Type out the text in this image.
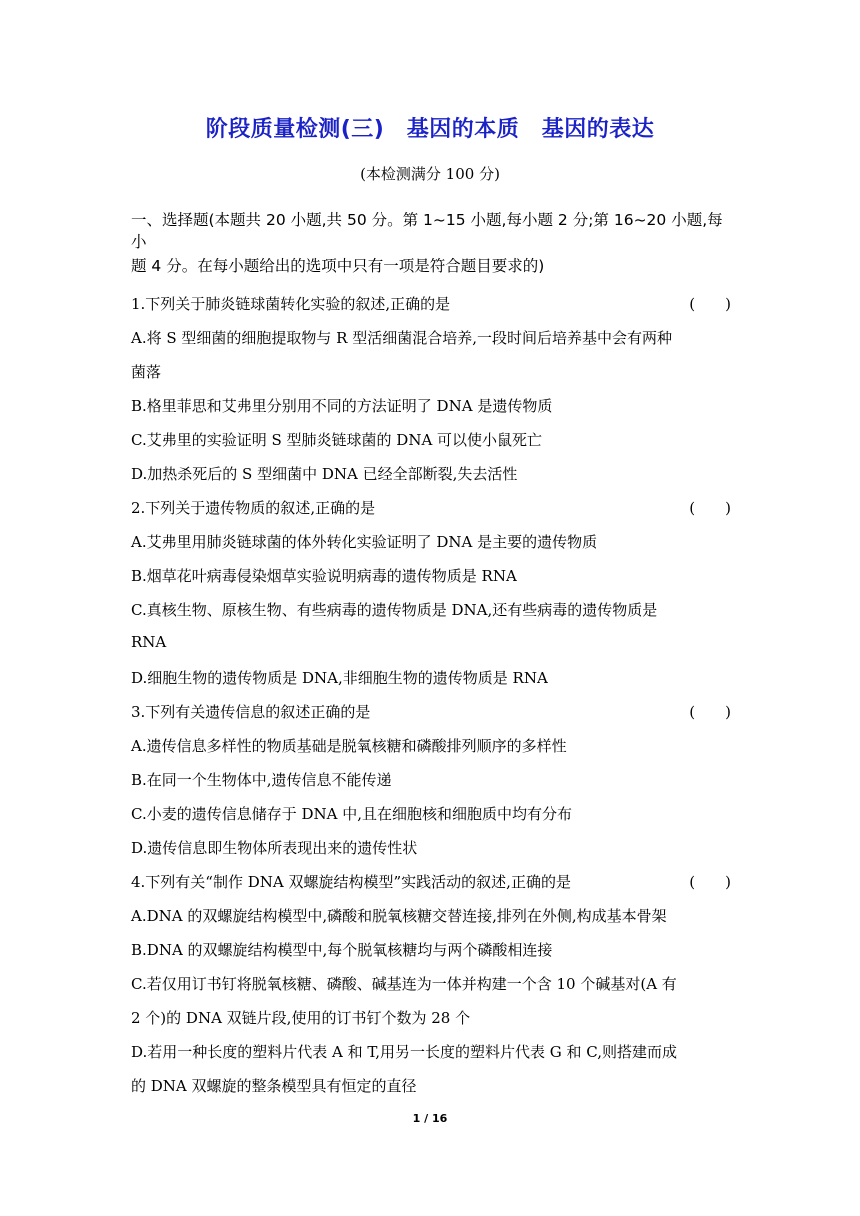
阶段质量检测(三)　基因的本质　基因的表达
(本检测满分 100 分)
一、选择题(本题共 20 小题,共 50 分。第 1~15 小题,每小题 2 分;第 16~20 小题,每小
题 4 分。在每小题给出的选项中只有一项是符合题目要求的)
1.下列关于肺炎链球菌转化实验的叙述,正确的是	(　　)
A.将 S 型细菌的细胞提取物与 R 型活细菌混合培养,一段时间后培养基中会有两种
菌落
B.格里菲思和艾弗里分别用不同的方法证明了 DNA 是遗传物质
C.艾弗里的实验证明 S 型肺炎链球菌的 DNA 可以使小鼠死亡
D.加热杀死后的 S 型细菌中 DNA 已经全部断裂,失去活性
2.下列关于遗传物质的叙述,正确的是	(　　)
A.艾弗里用肺炎链球菌的体外转化实验证明了 DNA 是主要的遗传物质
B.烟草花叶病毒侵染烟草实验说明病毒的遗传物质是 RNA
C.真核生物、原核生物、有些病毒的遗传物质是 DNA,还有些病毒的遗传物质是
RNA
D.细胞生物的遗传物质是 DNA,非细胞生物的遗传物质是 RNA
3.下列有关遗传信息的叙述正确的是	(　　)
A.遗传信息多样性的物质基础是脱氧核糖和磷酸排列顺序的多样性
B.在同一个生物体中,遗传信息不能传递
C.小麦的遗传信息储存于 DNA 中,且在细胞核和细胞质中均有分布
D.遗传信息即生物体所表现出来的遗传性状
4.下列有关“制作 DNA 双螺旋结构模型”实践活动的叙述,正确的是	(　　)
A.DNA 的双螺旋结构模型中,磷酸和脱氧核糖交替连接,排列在外侧,构成基本骨架
B.DNA 的双螺旋结构模型中,每个脱氧核糖均与两个磷酸相连接
C.若仅用订书钉将脱氧核糖、磷酸、碱基连为一体并构建一个含 10 个碱基对(A 有
2 个)的 DNA 双链片段,使用的订书钉个数为 28 个
D.若用一种长度的塑料片代表 A 和 T,用另一长度的塑料片代表 G 和 C,则搭建而成
的 DNA 双螺旋的整条模型具有恒定的直径
1 / 16
